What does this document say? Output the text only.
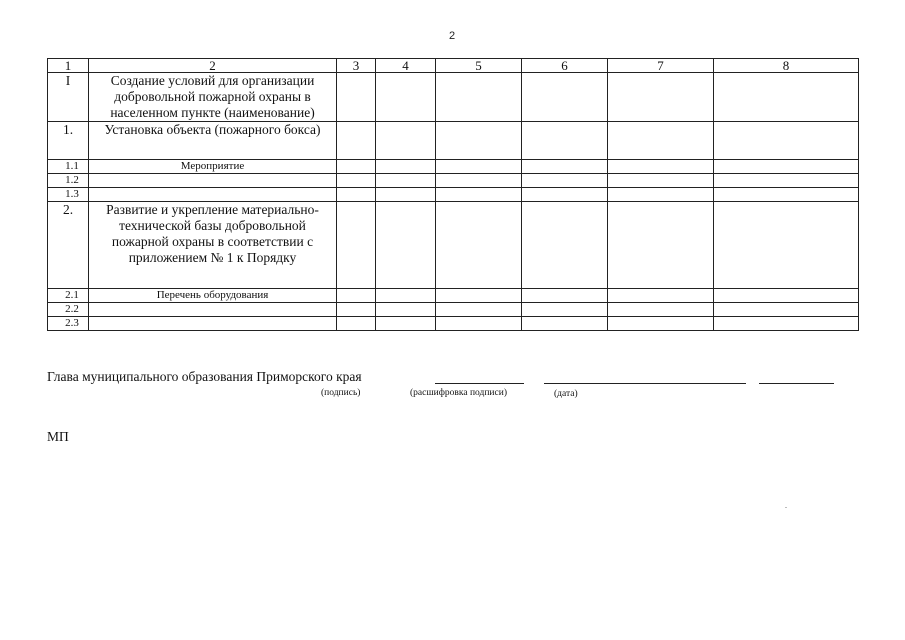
2
1	2	3	4	5	6	7	8
I	Создание условий для организации добровольной пожарной охраны в населенном пункте (наименование)						
1.	Установка объекта (пожарного бокса)						
1.1	Мероприятие						
1.2							
1.3							
2.	Развитие и укрепление материально-технической базы добровольной пожарной охраны в соответствии с приложением № 1 к Порядку						
2.1	Перечень оборудования						
2.2							
2.3							
Глава муниципального образования Приморского края
(подпись)	(расшифровка подписи)	(дата)
МП
